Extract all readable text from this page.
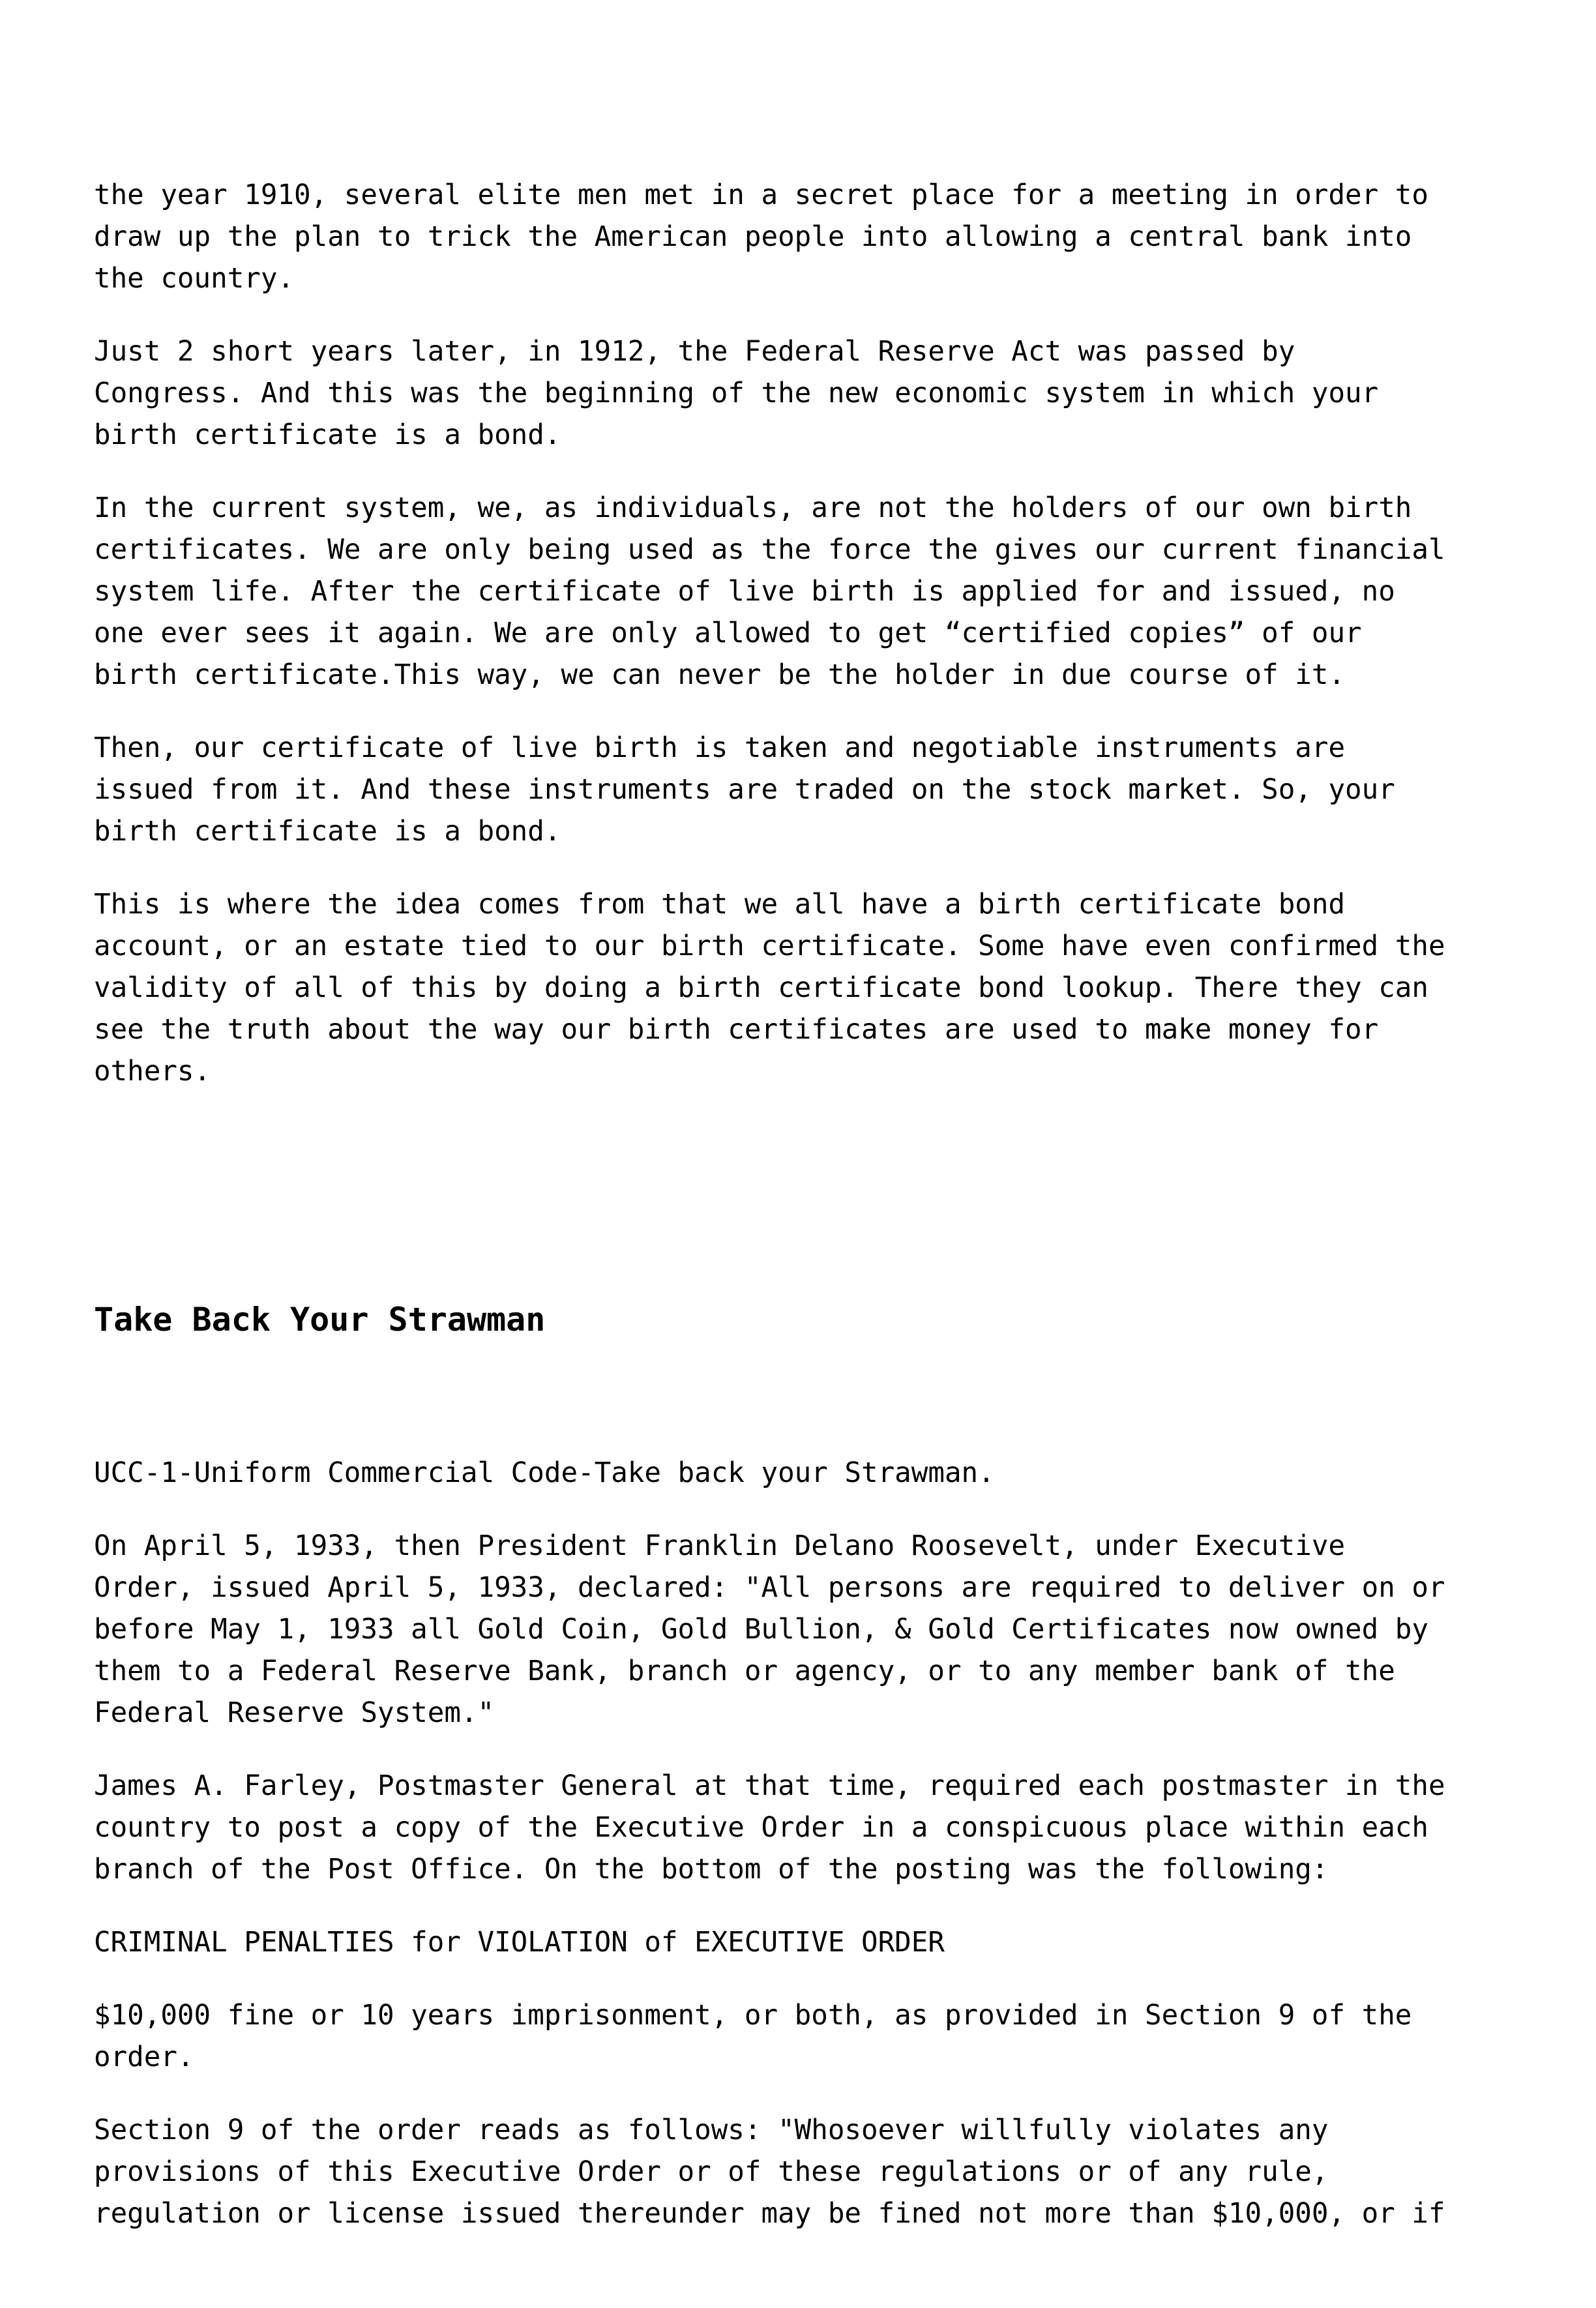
the year 1910, several elite men met in a secret place for a meeting in order to
draw up the plan to trick the American people into allowing a central bank into
the country.
Just 2 short years later, in 1912, the Federal Reserve Act was passed by
Congress. And this was the beginning of the new economic system in which your
birth certificate is a bond.
In the current system, we, as individuals, are not the holders of our own birth
certificates. We are only being used as the force the gives our current financial
system life. After the certificate of live birth is applied for and issued, no
one ever sees it again. We are only allowed to get “certified copies” of our
birth certificate.This way, we can never be the holder in due course of it.
Then, our certificate of live birth is taken and negotiable instruments are
issued from it. And these instruments are traded on the stock market. So, your
birth certificate is a bond.
This is where the idea comes from that we all have a birth certificate bond
account, or an estate tied to our birth certificate. Some have even confirmed the
validity of all of this by doing a birth certificate bond lookup. There they can
see the truth about the way our birth certificates are used to make money for
others.

Take Back Your Strawman

UCC-1-Uniform Commercial Code-Take back your Strawman.
On April 5, 1933, then President Franklin Delano Roosevelt, under Executive
Order, issued April 5, 1933, declared: "All persons are required to deliver on or
before May 1, 1933 all Gold Coin, Gold Bullion, & Gold Certificates now owned by
them to a Federal Reserve Bank, branch or agency, or to any member bank of the
Federal Reserve System."
James A. Farley, Postmaster General at that time, required each postmaster in the
country to post a copy of the Executive Order in a conspicuous place within each
branch of the Post Office. On the bottom of the posting was the following:
CRIMINAL PENALTIES for VIOLATION of EXECUTIVE ORDER
$10,000 fine or 10 years imprisonment, or both, as provided in Section 9 of the
order.
Section 9 of the order reads as follows: "Whosoever willfully violates any
provisions of this Executive Order or of these regulations or of any rule,
regulation or license issued thereunder may be fined not more than $10,000, or if
